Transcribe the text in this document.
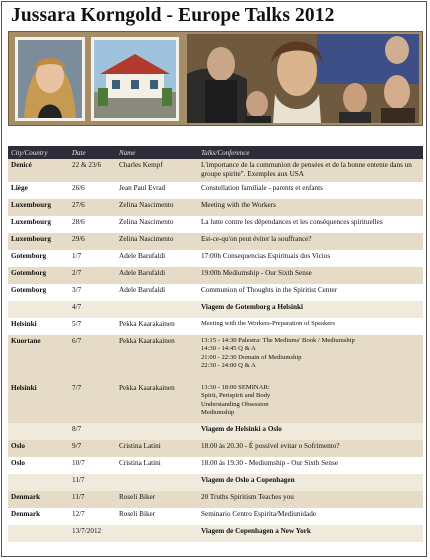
Jussara Korngold - Europe Talks 2012
City/Country	Date	Name	Talks/Conference
Denicé	22 & 23/6	Charles Kempf	L'importance de la communion de pensées et de la bonne entente dans un groupe spirite". Exemples aux USA
Liège	26/6	Jean Paul Evrad	Constellation familiale - parents et enfants
Luxembourg	27/6	Zelina Nascimento	Meeting with the Workers
Luxembourg	28/6	Zelina Nascimento	La lutte contre les dépendances et les conséquences spirituelles
Luxembourg	29/6	Zelina Nascimento	Est-ce-qu'on peut éviter la souffrance?
Gotemborg	1/7	Adele Barufaldi	17:00h Consequencias Espirituais dos Vicios
Gotemborg	2/7	Adele Barufaldi	19:00h Mediumship - Our Sixth Sense
Gotemborg	3/7	Adele Barufaldi	Communion of Thoughts in the Spiritist Center
	4/7		Viagem de Gotemborg a Helsinki
Helsinki	5/7	Pekka Kaarakainen	Meeting with the Workers-Preparation of Speakers
Kuortane	6/7	Pekka Kaarakainen	13:15 - 14:30 Palestra: The Mediums' Book / Mediumship
14:30 - 14:45 Q & A
21:00 - 22:30 Domain of Mediumship
22:30 - 24:00 Q & A

Helsinki	7/7	Pekka Kaarakainen	13:30 - 18:00 SEMINAR:
Spirit, Perispirit and Body
Understanding Obsession
Mediumship

	8/7		Viagem de Helsinki a Oslo
Oslo	9/7	Cristina Latini	18.00 às 20.30 - É possível evitar o Sofrimento?
Oslo	10/7	Cristina Latini	18.00 ás 19.30 - Mediumship - Our Sixth Sense
	11/7		Viagem de Oslo a Copenhagen
Denmark	11/7	Roseli Biker	20 Truths Spiritism Teaches you
Denmark	12/7	Roseli Biker	Seminario Centro Espirita/Mediunidade
	13/7/2012		Viagem de Copenhagen a New York
